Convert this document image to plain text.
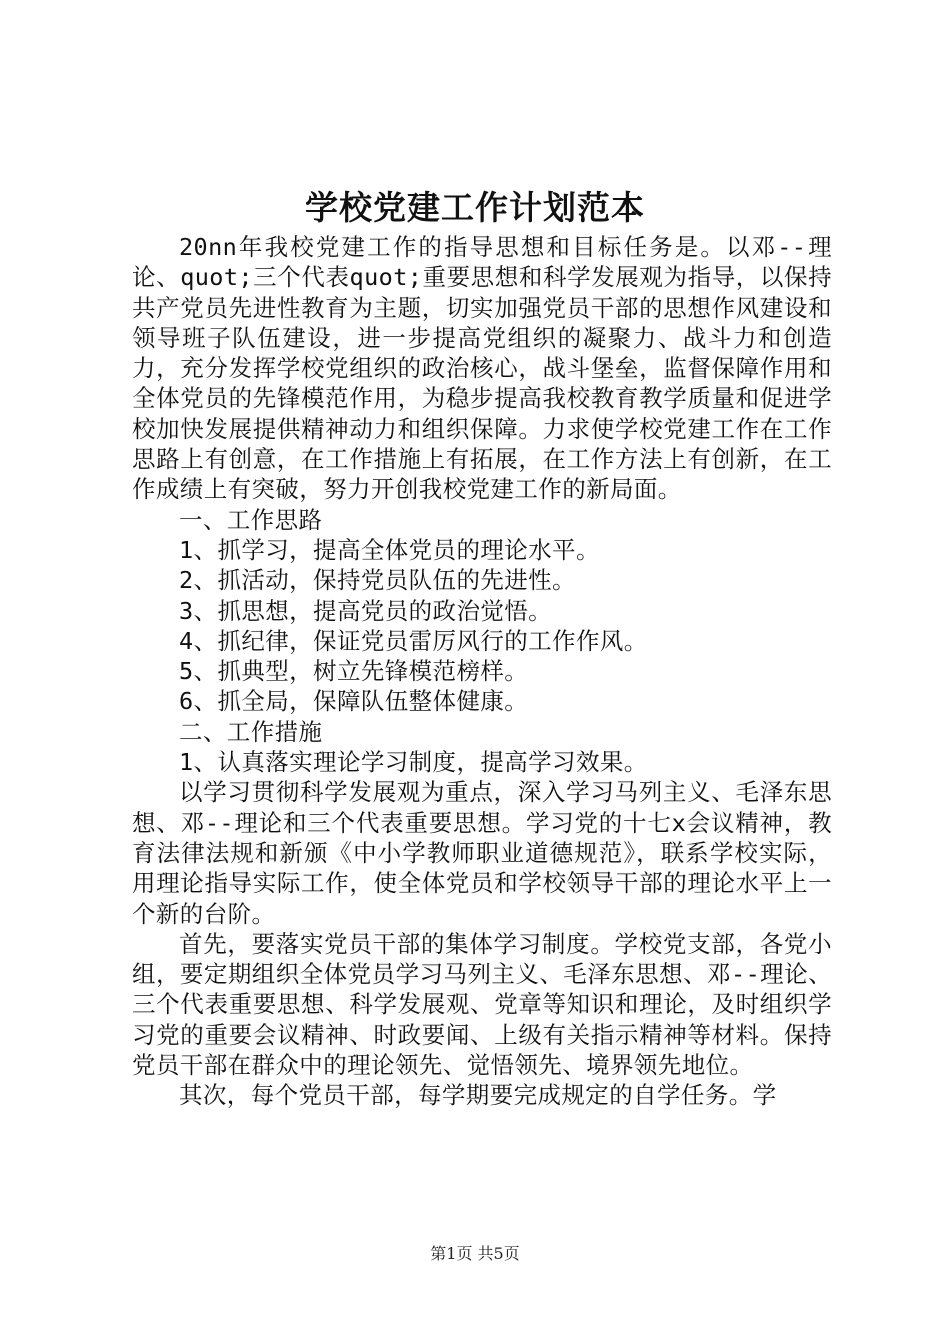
学校党建工作计划范本

20nn年我校党建工作的指导思想和目标任务是。以邓--理论、quot;三个代表quot;重要思想和科学发展观为指导，以保持共产党员先进性教育为主题，切实加强党员干部的思想作风建设和领导班子队伍建设，进一步提高党组织的凝聚力、战斗力和创造力，充分发挥学校党组织的政治核心，战斗堡垒，监督保障作用和全体党员的先锋模范作用，为稳步提高我校教育教学质量和促进学校加快发展提供精神动力和组织保障。力求使学校党建工作在工作思路上有创意，在工作措施上有拓展，在工作方法上有创新，在工作成绩上有突破，努力开创我校党建工作的新局面。

一、工作思路

1、抓学习，提高全体党员的理论水平。

2、抓活动，保持党员队伍的先进性。

3、抓思想，提高党员的政治觉悟。

4、抓纪律，保证党员雷厉风行的工作作风。

5、抓典型，树立先锋模范榜样。

6、抓全局，保障队伍整体健康。

二、工作措施

1、认真落实理论学习制度，提高学习效果。

以学习贯彻科学发展观为重点，深入学习马列主义、毛泽东思想、邓--理论和三个代表重要思想。学习党的十七x会议精神，教育法律法规和新颁《中小学教师职业道德规范》，联系学校实际，用理论指导实际工作，使全体党员和学校领导干部的理论水平上一个新的台阶。

首先，要落实党员干部的集体学习制度。学校党支部，各党小组，要定期组织全体党员学习马列主义、毛泽东思想、邓--理论、三个代表重要思想、科学发展观、党章等知识和理论，及时组织学习党的重要会议精神、时政要闻、上级有关指示精神等材料。保持党员干部在群众中的理论领先、觉悟领先、境界领先地位。

其次，每个党员干部，每学期要完成规定的自学任务。学

第1页 共5页
